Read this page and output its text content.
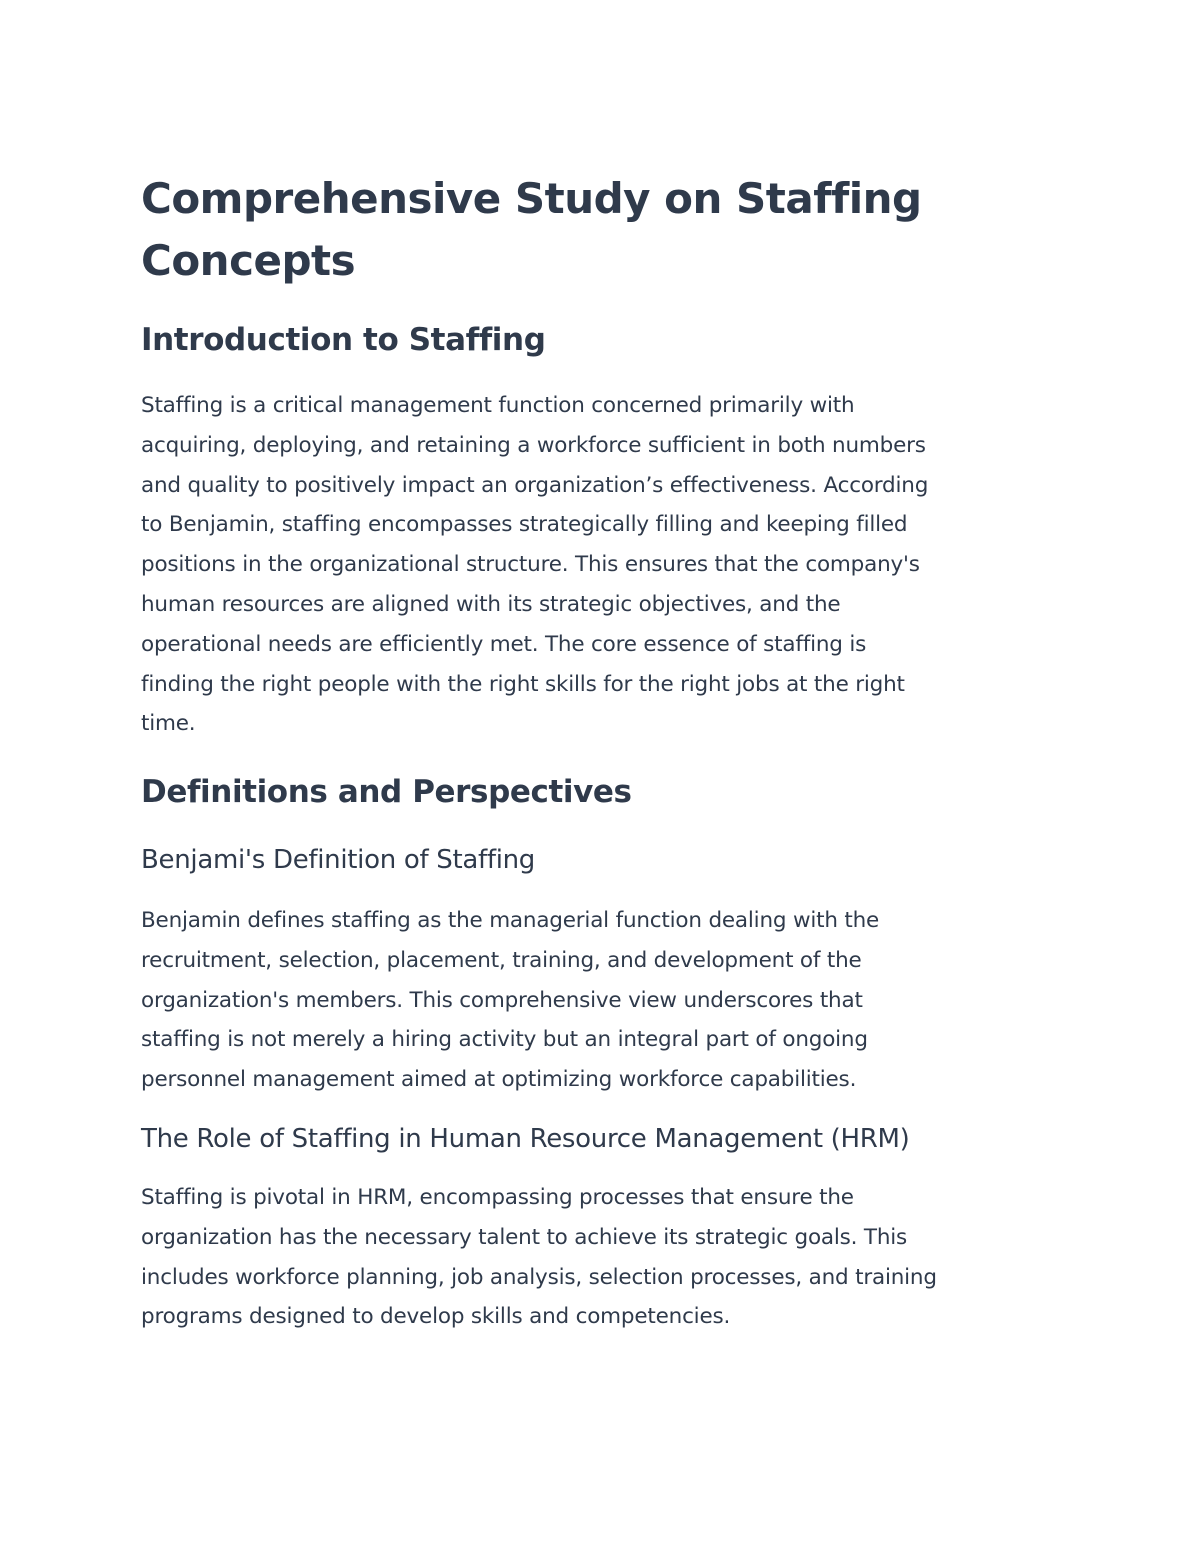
Comprehensive Study on Staffing
Concepts
Introduction to Staffing

Staffing is a critical management function concerned primarily with
acquiring, deploying, and retaining a workforce sufficient in both numbers
and quality to positively impact an organization’s effectiveness. According
to Benjamin, staffing encompasses strategically filling and keeping filled
positions in the organizational structure. This ensures that the company's
human resources are aligned with its strategic objectives, and the
operational needs are efficiently met. The core essence of staffing is
finding the right people with the right skills for the right jobs at the right
time.

Definitions and Perspectives
Benjami's Definition of Staffing

Benjamin defines staffing as the managerial function dealing with the
recruitment, selection, placement, training, and development of the
organization's members. This comprehensive view underscores that
staffing is not merely a hiring activity but an integral part of ongoing
personnel management aimed at optimizing workforce capabilities.

The Role of Staffing in Human Resource Management (HRM)

Staffing is pivotal in HRM, encompassing processes that ensure the
organization has the necessary talent to achieve its strategic goals. This
includes workforce planning, job analysis, selection processes, and training
programs designed to develop skills and competencies.
